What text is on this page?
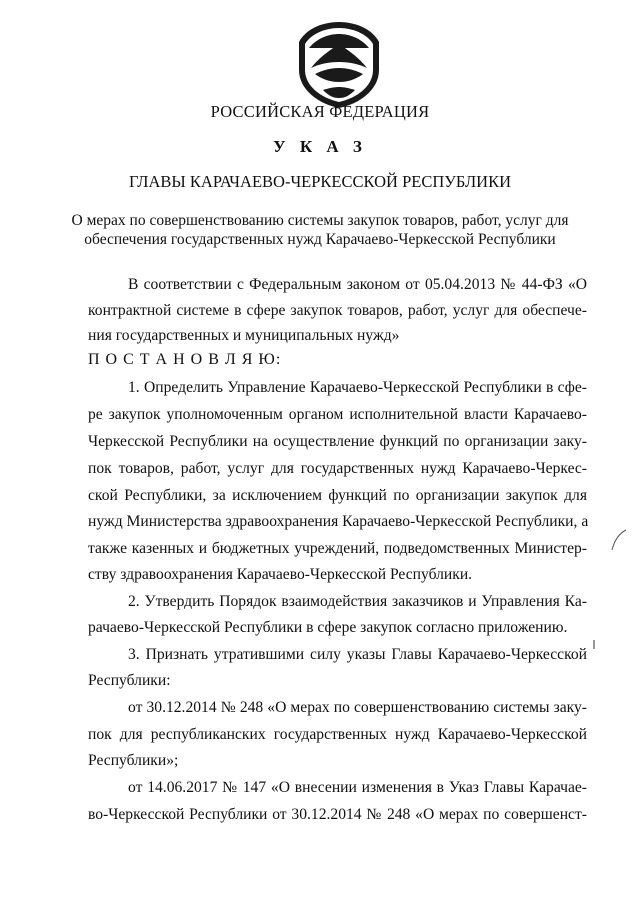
РОССИЙСКАЯ ФЕДЕРАЦИЯ
У К А З
ГЛАВЫ КАРАЧАЕВО-ЧЕРКЕССКОЙ РЕСПУБЛИКИ
О мерах по совершенствованию системы закупок товаров, работ, услуг для
обеспечения государственных нужд Карачаево-Черкесской Республики
В соответствии с Федеральным законом от 05.04.2013 № 44-ФЗ «О
контрактной системе в сфере закупок товаров, работ, услуг для обеспече-
ния государственных и муниципальных нужд»
П О С Т А Н О В Л Я Ю:
1. Определить Управление Карачаево-Черкесской Республики в сфе-
ре закупок уполномоченным органом исполнительной власти Карачаево-
Черкесской Республики на осуществление функций по организации заку-
пок товаров, работ, услуг для государственных нужд Карачаево-Черкес-
ской Республики, за исключением функций по организации закупок для
нужд Министерства здравоохранения Карачаево-Черкесской Республики, а
также казенных и бюджетных учреждений, подведомственных Министер-
ству здравоохранения Карачаево-Черкесской Республики.
2. Утвердить Порядок взаимодействия заказчиков и Управления Ка-
рачаево-Черкесской Республики в сфере закупок согласно приложению.
3. Признать утратившими силу указы Главы Карачаево-Черкесской
Республики:
от 30.12.2014 № 248 «О мерах по совершенствованию системы заку-
пок для республиканских государственных нужд Карачаево-Черкесской
Республики»;
от 14.06.2017 № 147 «О внесении изменения в Указ Главы Карачае-
во-Черкесской Республики от 30.12.2014 № 248 «О мерах по совершенст-
